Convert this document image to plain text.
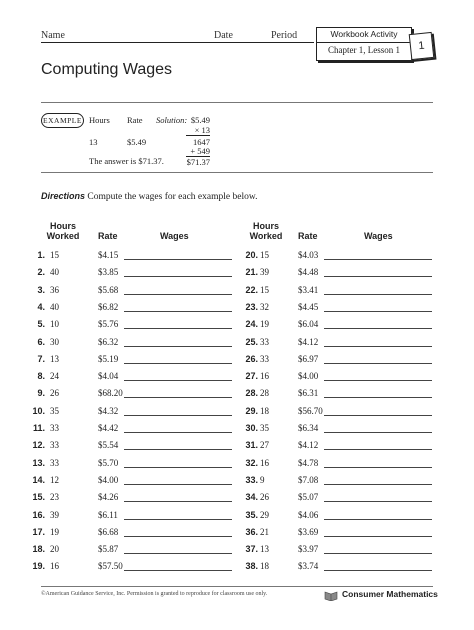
Name	Date	Period	Workbook Activity
Chapter 1, Lesson 1	1
Computing Wages
EXAMPLE Hours Rate
13	$5.49
The answer is $71.37.
Solution: $5.49
× 13
1647
+ 549
$71.37
Directions Compute the wages for each example below.
Hours
Worked	Rate	Wages
Hours
Worked	Rate	Wages
1. 15	$4.15
2. 40	$3.85
3. 36	$5.68
4. 40	$6.82
5. 10	$5.76
6. 30	$6.32
7. 13	$5.19
8. 24	$4.04
9. 26	$68.20
10. 35	$4.32
11. 33	$4.42
12. 33	$5.54
13. 33	$5.70
14. 12	$4.00
15. 23	$4.26
16. 39	$6.11
17. 19	$6.68
18. 20	$5.87
19. 16	$57.50
20. 15	$4.03
21. 39	$4.48
22. 15	$3.41
23. 32	$4.45
24. 19	$6.04
25. 33	$4.12
26. 33	$6.97
27. 16	$4.00
28. 28	$6.31
29. 18	$56.70
30. 35	$6.34
31. 27	$4.12
32. 16	$4.78
33. 9	$7.08
34. 26	$5.07
35. 29	$4.06
36. 21	$3.69
37. 13	$3.97
38. 18	$3.74
©American Guidance Service, Inc. Permission is granted to reproduce for classroom use only.	Consumer Mathematics
